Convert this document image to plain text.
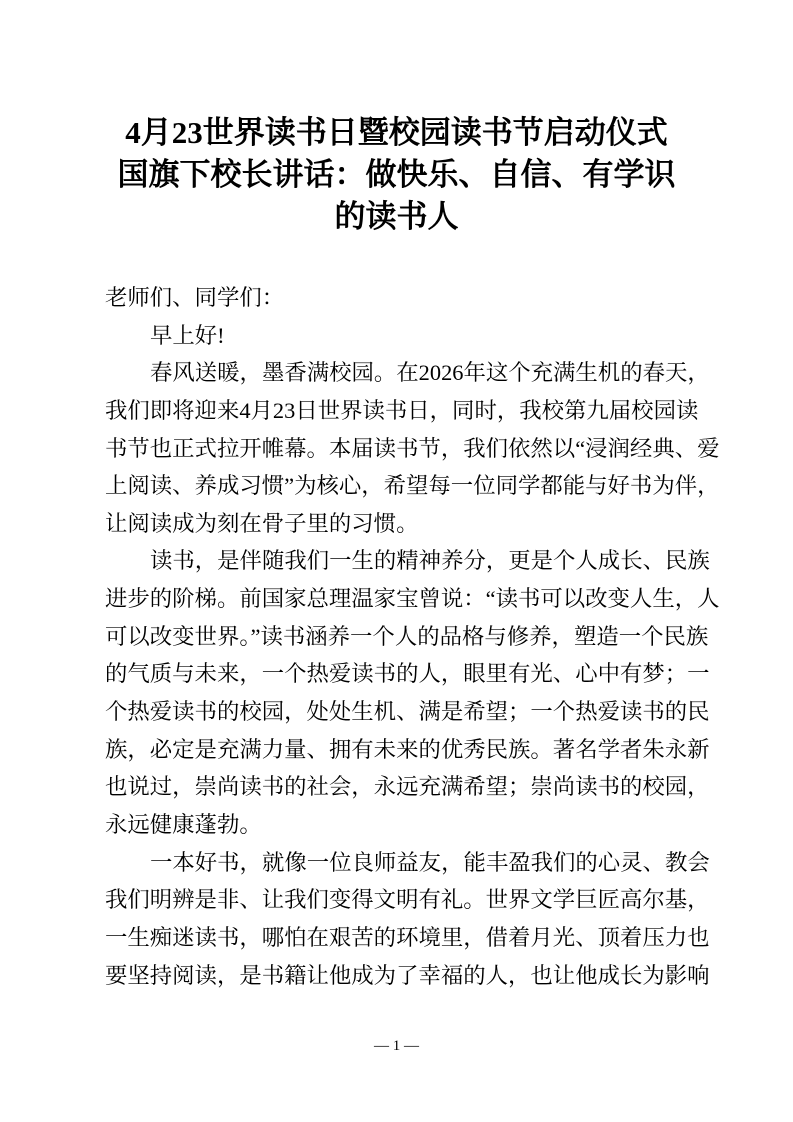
4月23世界读书日暨校园读书节启动仪式
国旗下校长讲话：做快乐、自信、有学识
的读书人
老师们、同学们：
早上好!
春风送暖，墨香满校园。在2026年这个充满生机的春天，
我们即将迎来4月23日世界读书日，同时，我校第九届校园读
书节也正式拉开帷幕。本届读书节，我们依然以“浸润经典、爱
上阅读、养成习惯”为核心，希望每一位同学都能与好书为伴，
让阅读成为刻在骨子里的习惯。
读书，是伴随我们一生的精神养分，更是个人成长、民族
进步的阶梯。前国家总理温家宝曾说：“读书可以改变人生，人
可以改变世界。”读书涵养一个人的品格与修养，塑造一个民族
的气质与未来，一个热爱读书的人，眼里有光、心中有梦；一
个热爱读书的校园，处处生机、满是希望；一个热爱读书的民
族，必定是充满力量、拥有未来的优秀民族。著名学者朱永新
也说过，崇尚读书的社会，永远充满希望；崇尚读书的校园，
永远健康蓬勃。
一本好书，就像一位良师益友，能丰盈我们的心灵、教会
我们明辨是非、让我们变得文明有礼。世界文学巨匠高尔基，
一生痴迷读书，哪怕在艰苦的环境里，借着月光、顶着压力也
要坚持阅读，是书籍让他成为了幸福的人，也让他成长为影响
— 1 —
